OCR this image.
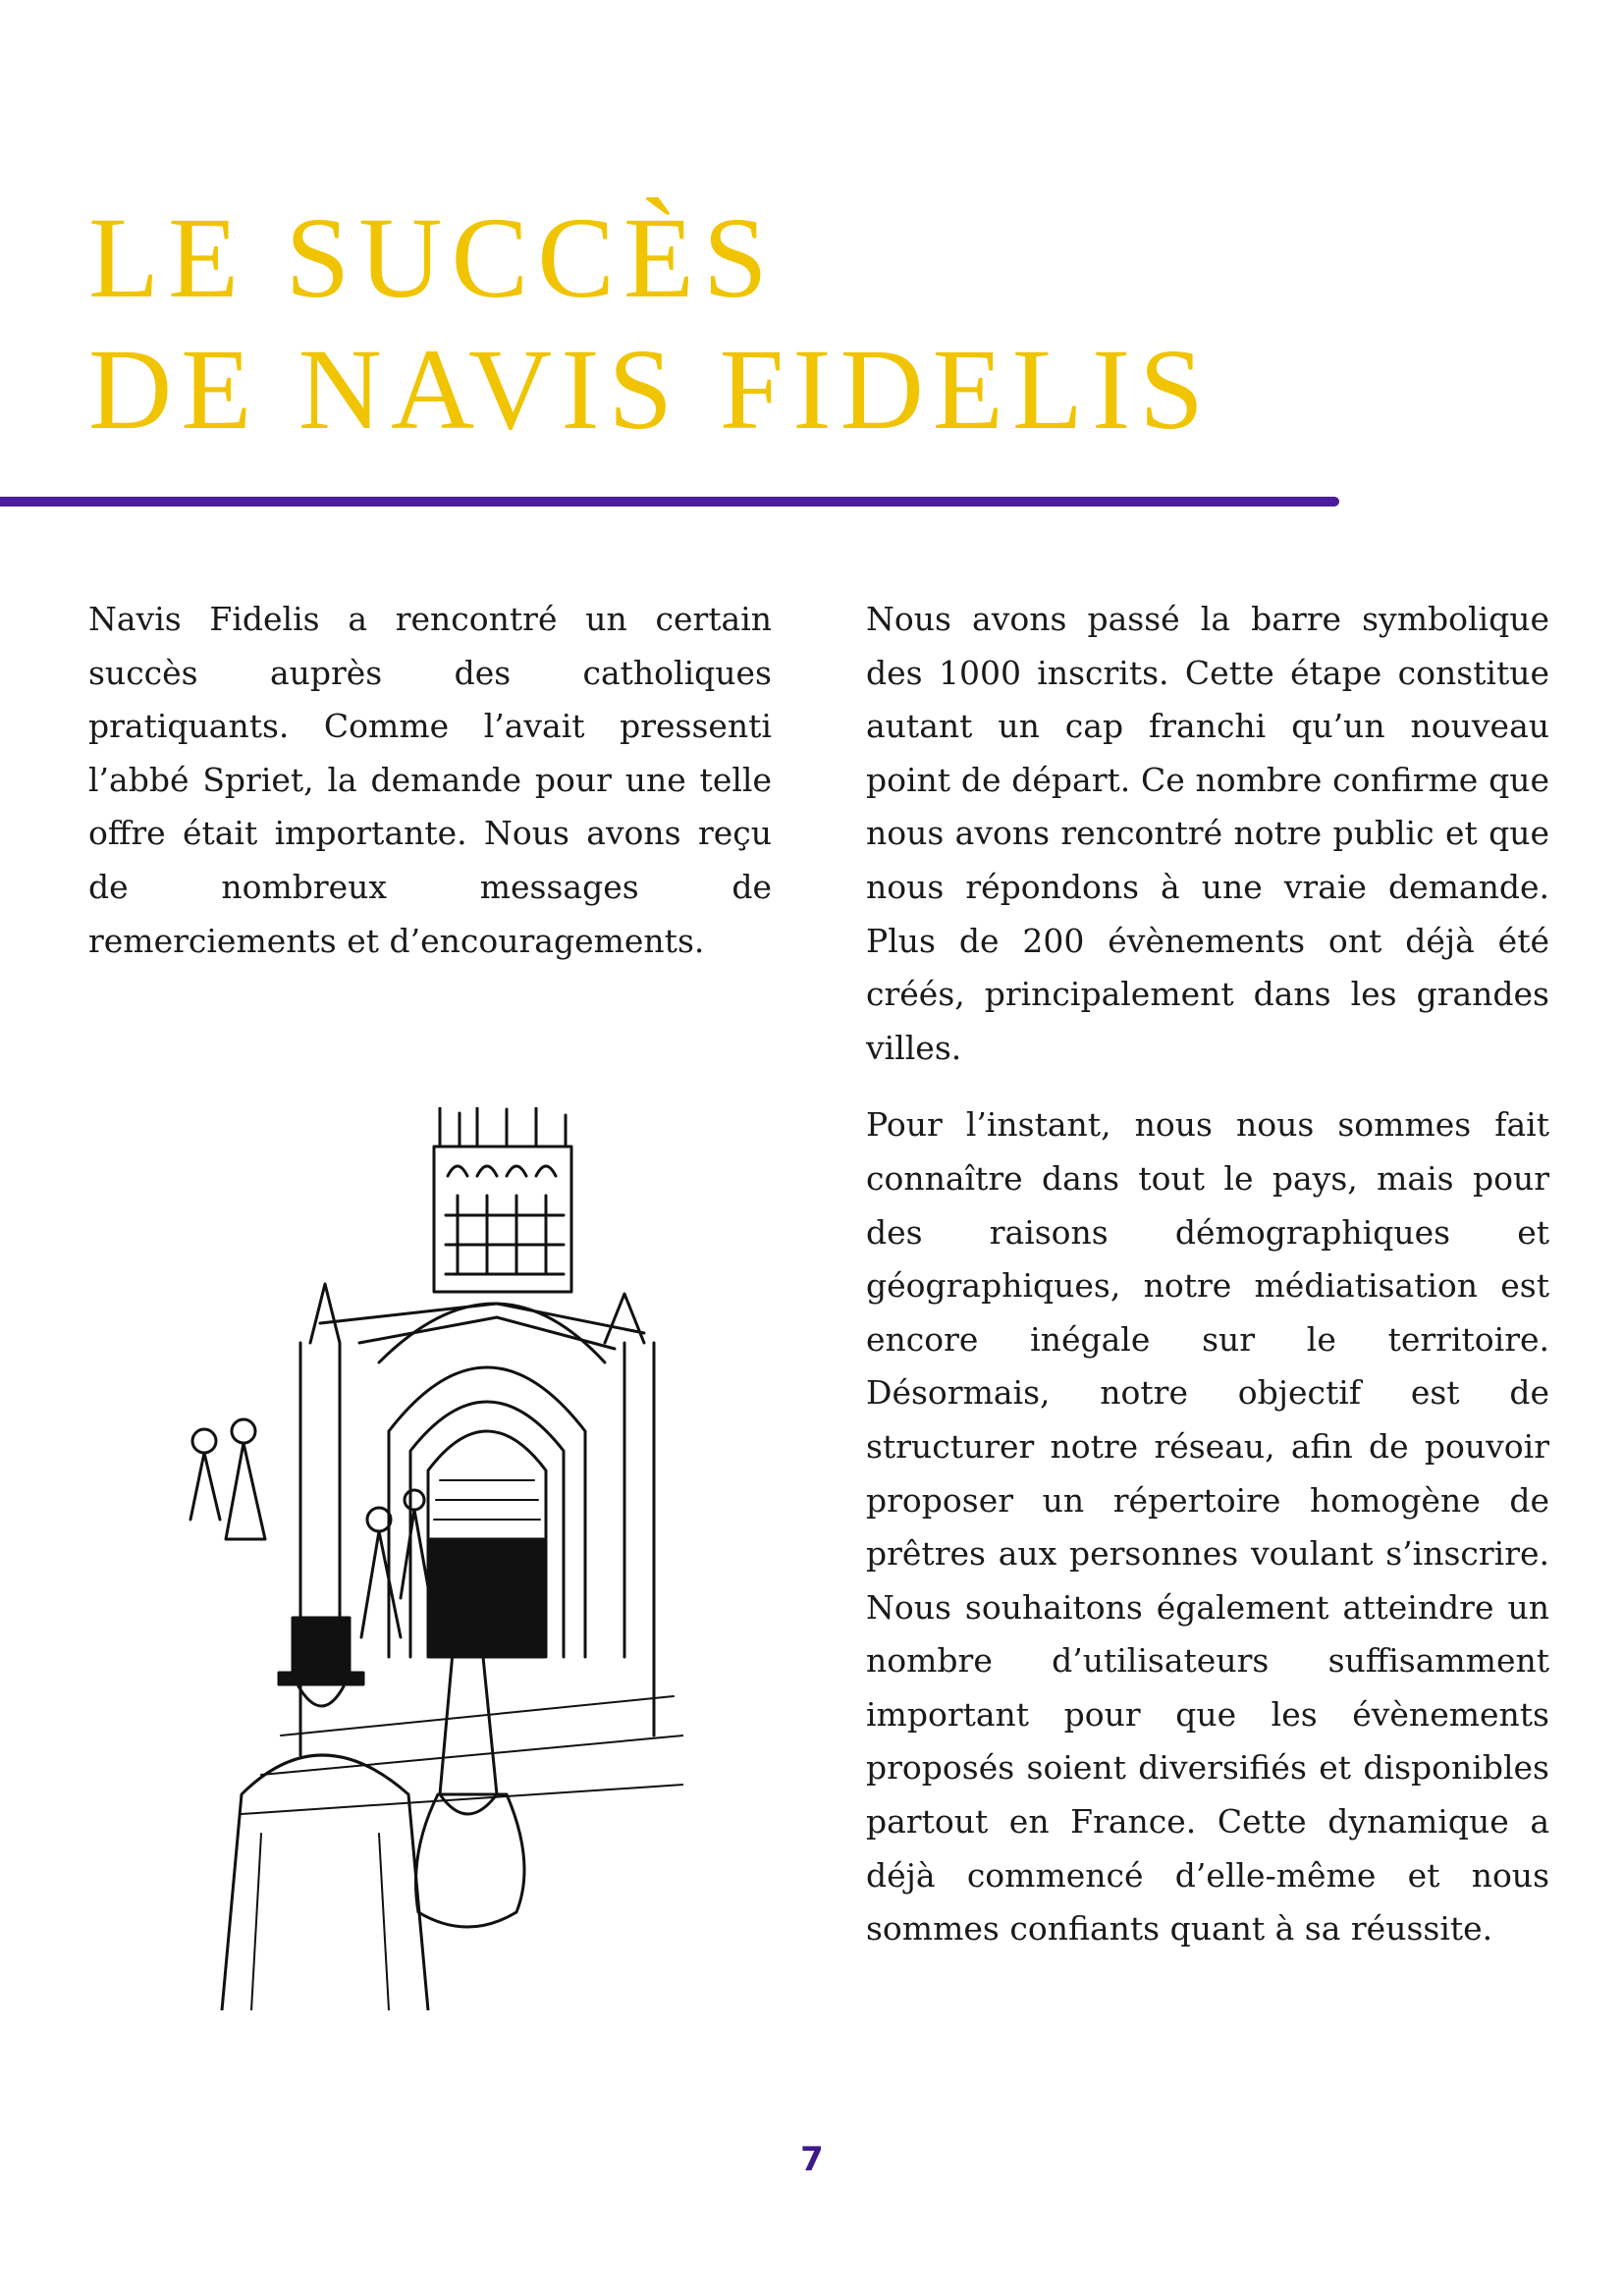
LE SUCCÈS
DE NAVIS FIDELIS

Navis Fidelis a rencontré un certain succès auprès des catholiques pratiquants. Comme l’avait pressenti l’abbé Spriet, la demande pour une telle offre était importante. Nous avons reçu de nombreux messages de remerciements et d’encouragements.

Nous avons passé la barre symbolique des 1000 inscrits. Cette étape constitue autant un cap franchi qu’un nouveau point de départ. Ce nombre confirme que nous avons rencontré notre public et que nous répondons à une vraie demande. Plus de 200 évènements ont déjà été créés, principalement dans les grandes villes.

Pour l’instant, nous nous sommes fait connaître dans tout le pays, mais pour des raisons démographiques et géographiques, notre médiatisation est encore inégale sur le territoire. Désormais, notre objectif est de structurer notre réseau, afin de pouvoir proposer un répertoire homogène de prêtres aux personnes voulant s’inscrire. Nous souhaitons également atteindre un nombre d’utilisateurs suffisamment important pour que les évènements proposés soient diversifiés et disponibles partout en France. Cette dynamique a déjà commencé d’elle-même et nous sommes confiants quant à sa réussite.

7
